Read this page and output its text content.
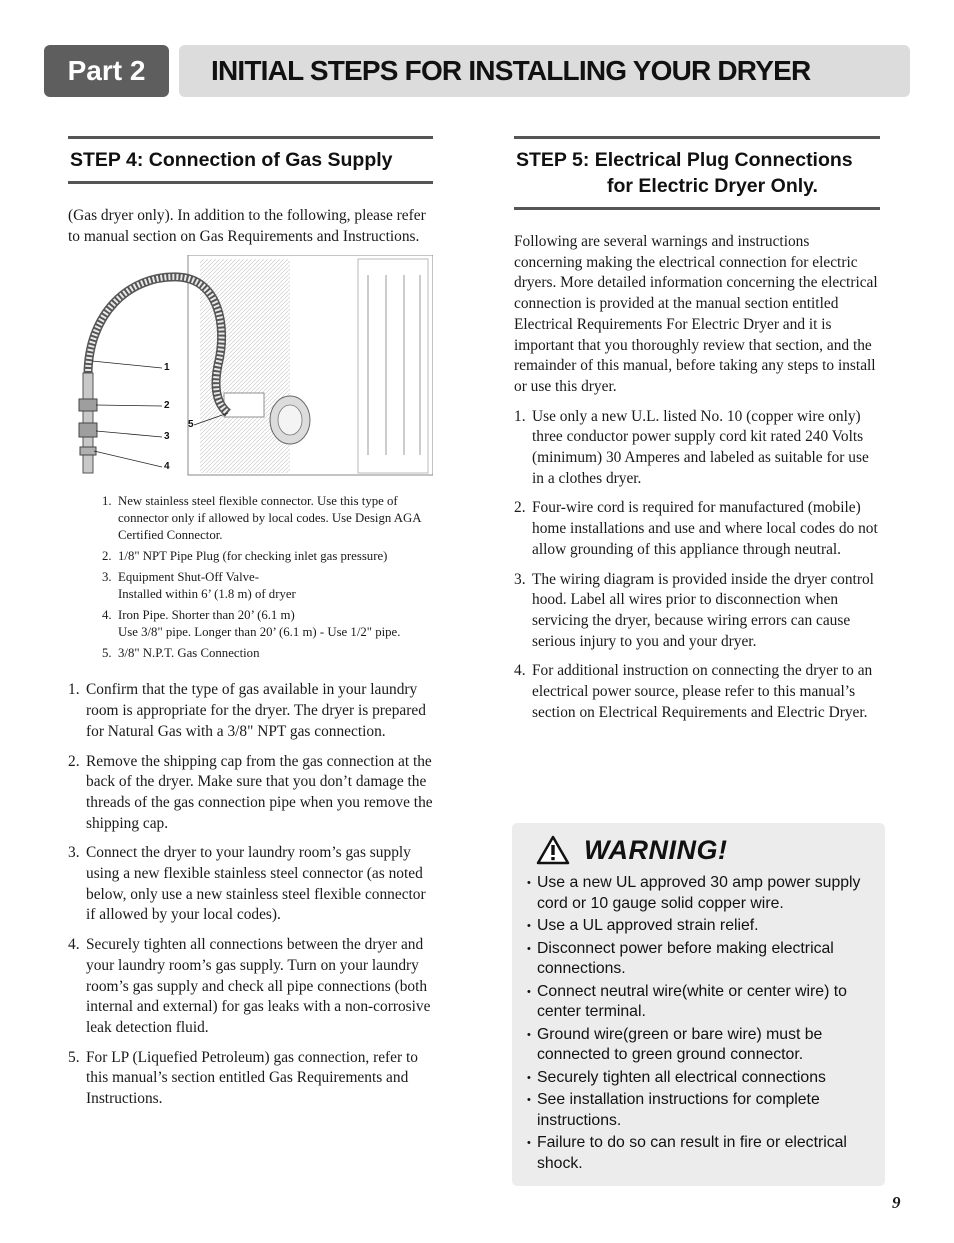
Part 2	INITIAL STEPS FOR INSTALLING YOUR DRYER
STEP 4: Connection of Gas Supply

(Gas dryer only). In addition to the following, please refer to manual section on Gas Requirements and Instructions.

1
2
3
4
5
1. New stainless steel flexible connector. Use this type of connector only if allowed by local codes. Use Design AGA Certified Connector.
2. 1/8" NPT Pipe Plug (for checking inlet gas pressure)
3. Equipment Shut-Off Valve-
Installed within 6’ (1.8 m) of dryer
4. Iron Pipe. Shorter than 20’ (6.1 m)
Use 3/8" pipe. Longer than 20’ (6.1 m) - Use 1/2" pipe.
5. 3/8" N.P.T. Gas Connection
1. Confirm that the type of gas available in your laundry room is appropriate for the dryer. The dryer is prepared for Natural Gas with a 3/8" NPT gas connection.
2. Remove the shipping cap from the gas connection at the back of the dryer. Make sure that you don’t damage the threads of the gas connection pipe when you remove the shipping cap.
3. Connect the dryer to your laundry room’s gas supply using a new flexible stainless steel connector (as noted below, only use a new stainless steel flexible connector if allowed by your local codes).
4. Securely tighten all connections between the dryer and your laundry room’s gas supply. Turn on your laundry room’s gas supply and check all pipe connections (both internal and external) for gas leaks with a non-corrosive leak detection fluid.
5. For LP (Liquefied Petroleum) gas connection, refer to this manual’s section entitled Gas Requirements and Instructions.
STEP 5: Electrical Plug Connections
for Electric Dryer Only.

Following are several warnings and instructions concerning making the electrical connection for electric dryers. More detailed information concerning the electrical connection is provided at the manual section entitled Electrical Requirements For Electric Dryer and it is important that you thoroughly review that section, and the remainder of this manual, before taking any steps to install or use this dryer.

1. Use only a new U.L. listed No. 10 (copper wire only) three conductor power supply cord kit rated 240 Volts (minimum) 30 Amperes and labeled as suitable for use in a clothes dryer.
2. Four-wire cord is required for manufactured (mobile) home installations and use and where local codes do not allow grounding of this appliance through neutral.
3. The wiring diagram is provided inside the dryer control hood. Label all wires prior to disconnection when servicing the dryer, because wiring errors can cause serious injury to you and your dryer.
4. For additional instruction on connecting the dryer to an electrical power source, please refer to this manual’s section on Electrical Requirements and Electric Dryer.
WARNING!
• Use a new UL approved 30 amp power supply cord or 10 gauge solid copper wire.
• Use a UL approved strain relief.
• Disconnect power before making electrical connections.
• Connect neutral wire(white or center wire) to center terminal.
• Ground wire(green or bare wire) must be connected to green ground connector.
• Securely tighten all electrical connections
• See installation instructions for complete instructions.
• Failure to do so can result in fire or electrical shock.
9
